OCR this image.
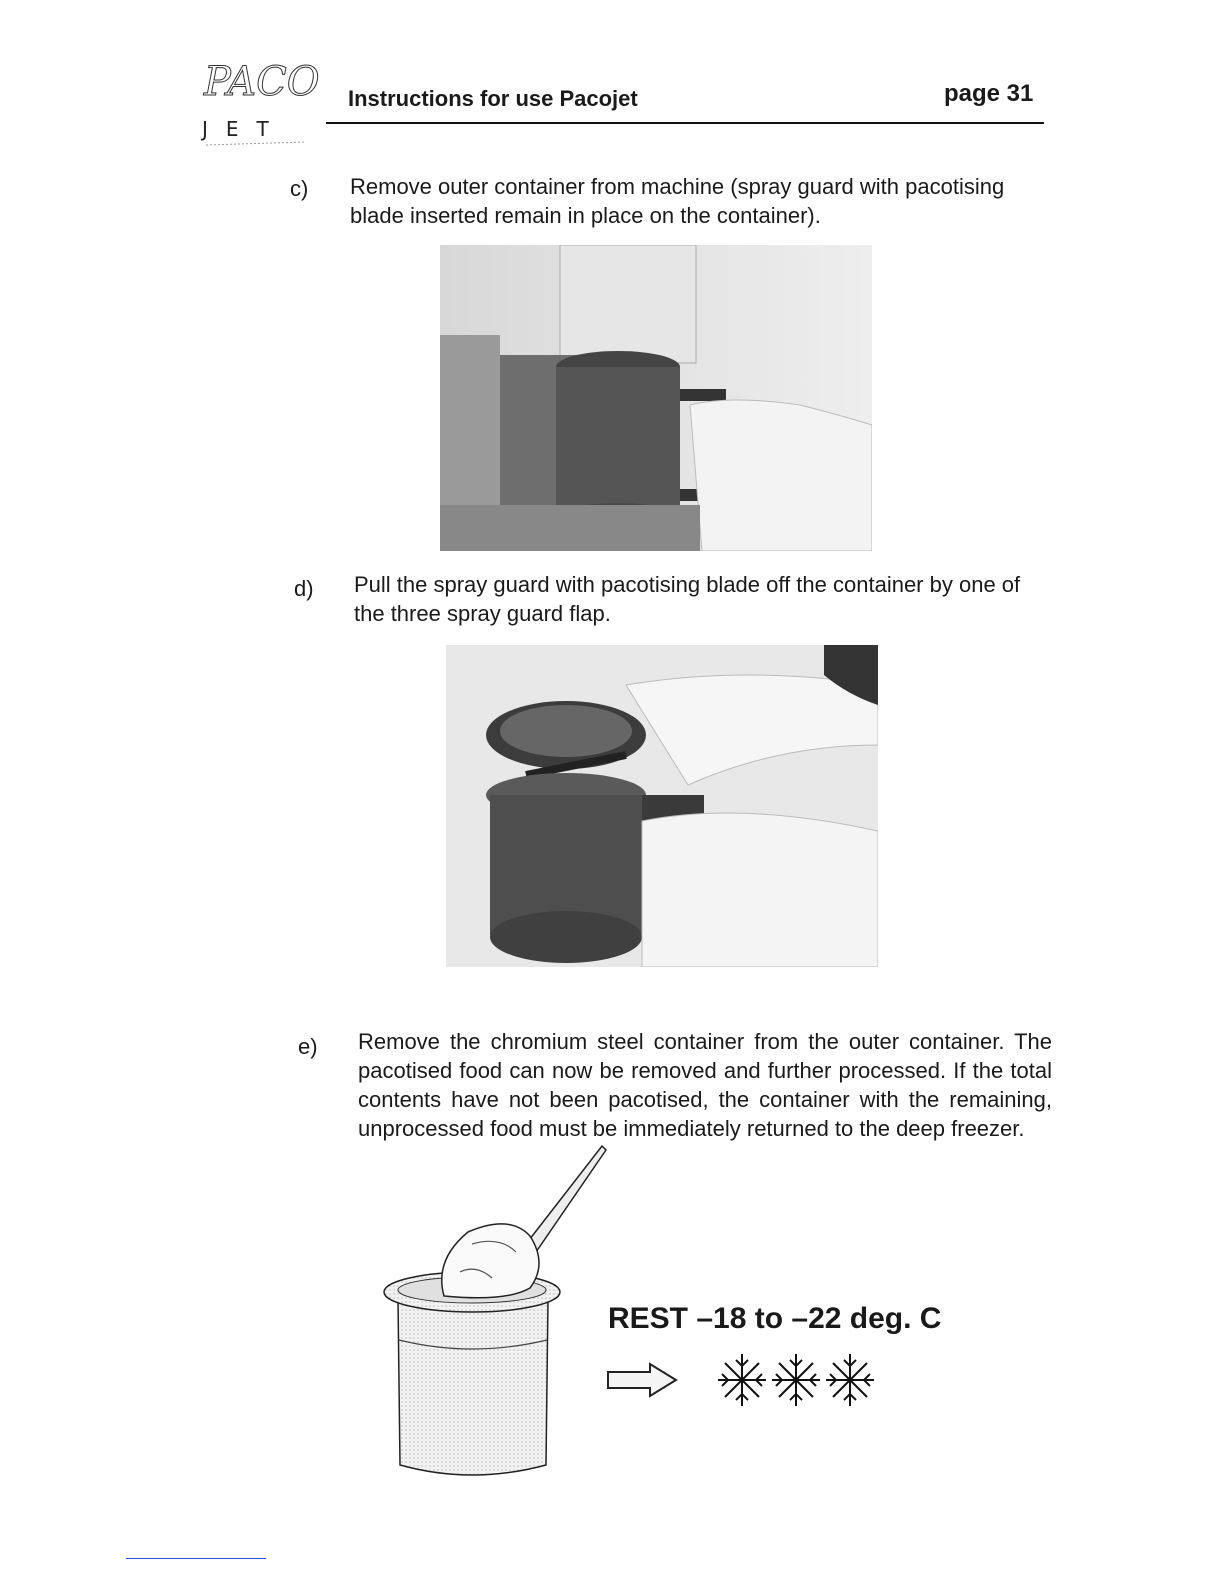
PACO
JET
Instructions for use Pacojet	page 31
c) Remove outer container from machine (spray guard with pacotising
blade inserted remain in place on the container).
d) Pull the spray guard with pacotising blade off the container by one of
the three spray guard flap.
e) Remove the chromium steel container from the outer container. The pacotised food can now be removed and further processed. If the total contents have not been pacotised, the container with the remaining, unprocessed food must be immediately returned to the deep freezer.
REST –18 to –22 deg. C
